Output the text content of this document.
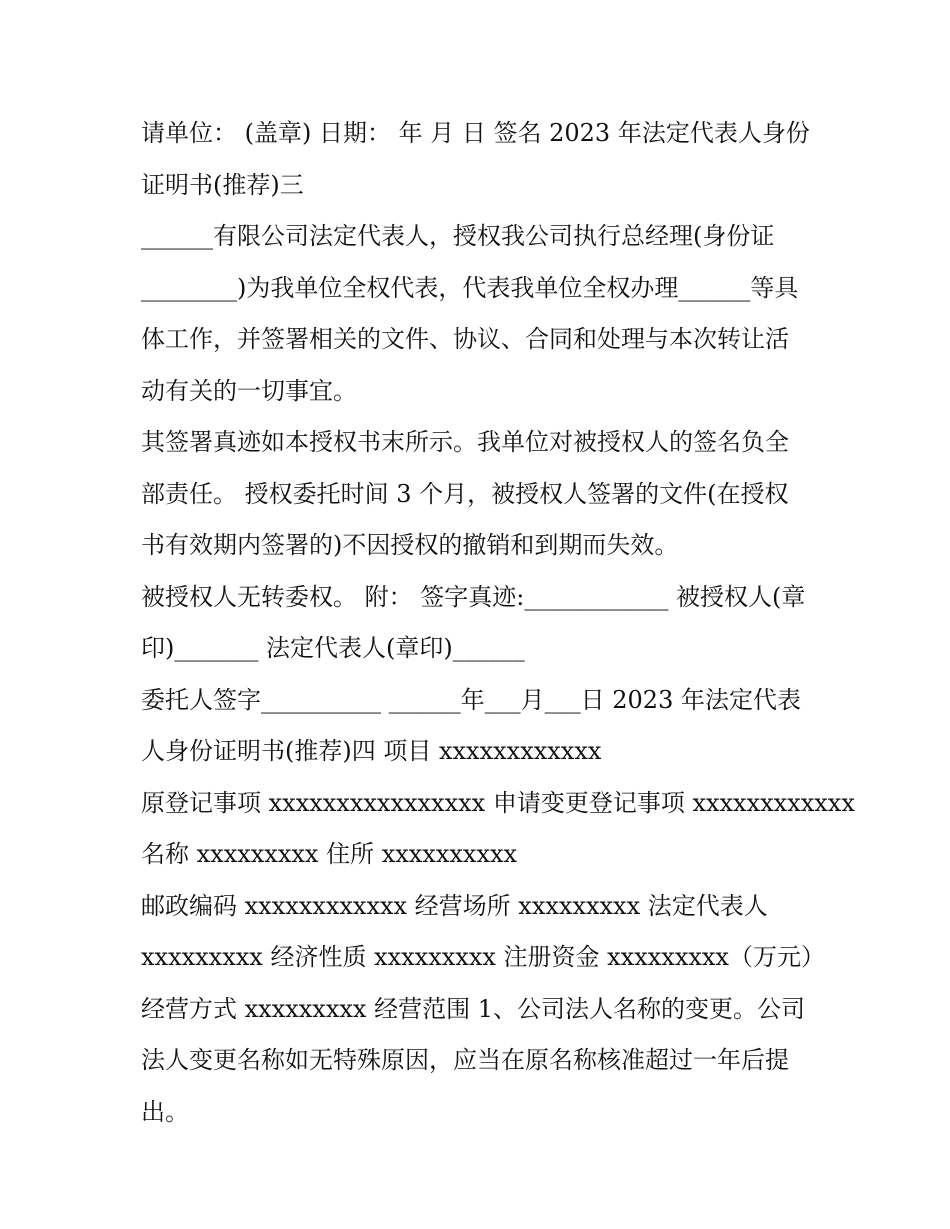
请单位： (盖章) 日期： 年 月 日 签名 2023 年法定代表人身份
证明书(推荐)三
______有限公司法定代表人，授权我公司执行总经理(身份证
________)为我单位全权代表，代表我单位全权办理______等具
体工作，并签署相关的文件、协议、合同和处理与本次转让活
动有关的一切事宜。
其签署真迹如本授权书末所示。我单位对被授权人的签名负全
部责任。 授权委托时间 3 个月，被授权人签署的文件(在授权
书有效期内签署的)不因授权的撤销和到期而失效。
被授权人无转委权。 附： 签字真迹:____________ 被授权人(章
印)_______ 法定代表人(章印)______
委托人签字__________ ______年___月___日 2023 年法定代表
人身份证明书(推荐)四 项目 xxxxxxxxxxxx
原登记事项 xxxxxxxxxxxxxxxx 申请变更登记事项 xxxxxxxxxxxx
名称 xxxxxxxxx 住所 xxxxxxxxxx
邮政编码 xxxxxxxxxxxx 经营场所 xxxxxxxxx 法定代表人
xxxxxxxxx 经济性质 xxxxxxxxx 注册资金 xxxxxxxxx（万元）
经营方式 xxxxxxxxx 经营范围 1、公司法人名称的变更。公司
法人变更名称如无特殊原因，应当在原名称核准超过一年后提
出。
